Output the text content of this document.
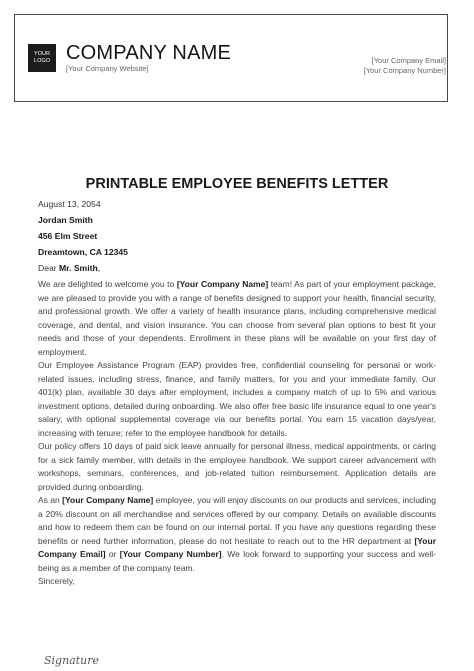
YOUR
LOGO COMPANY NAME
[Your Company Website]
[Your Company Email]
[Your Company Number]
PRINTABLE EMPLOYEE BENEFITS LETTER
August 13, 2054
Jordan Smith
456 Elm Street
Dreamtown, CA 12345
Dear Mr. Smith,

We are delighted to welcome you to [Your Company Name] team! As part of your employment package, we are pleased to provide you with a range of benefits designed to support your health, financial security, and professional growth. We offer a variety of health insurance plans, including comprehensive medical coverage, and dental, and vision insurance. You can choose from several plan options to best fit your needs and those of your dependents. Enrollment in these plans will be available on your first day of employment.

Our Employee Assistance Program (EAP) provides free, confidential counseling for personal or work-related issues, including stress, finance, and family matters, for you and your immediate family. Our 401(k) plan, available 30 days after employment, includes a company match of up to 5% and various investment options, detailed during onboarding. We also offer free basic life insurance equal to one year's salary, with optional supplemental coverage via our benefits portal. You earn 15 vacation days/year, increasing with tenure; refer to the employee handbook for details.

Our policy offers 10 days of paid sick leave annually for personal illness, medical appointments, or caring for a sick family member, with details in the employee handbook. We support career advancement with workshops, seminars, conferences, and job-related tuition reimbursement. Application details are provided during onboarding.

As an [Your Company Name] employee, you will enjoy discounts on our products and services, including a 20% discount on all merchandise and services offered by our company. Details on available discounts and how to redeem them can be found on our internal portal. If you have any questions regarding these benefits or need further information, please do not hesitate to reach out to the HR department at [Your Company Email] or [Your Company Number]. We look forward to supporting your success and well-being as a member of the company team.

Sincerely,

Signature
